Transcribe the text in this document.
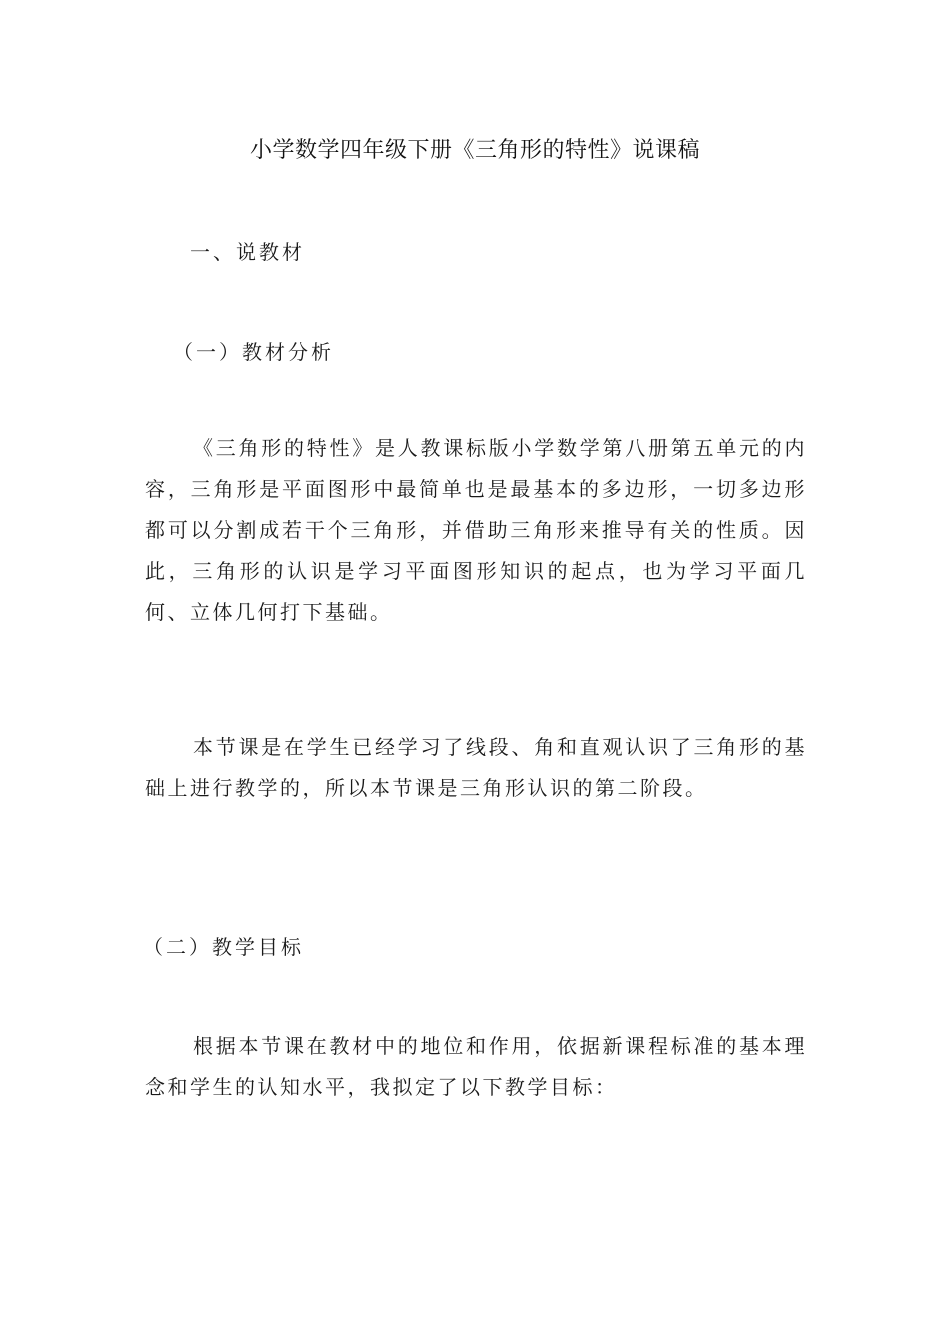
小学数学四年级下册《三角形的特性》说课稿
一、说教材
（一）教材分析

《三角形的特性》是人教课标版小学数学第八册第五单元的内容，三角形是平面图形中最简单也是最基本的多边形，一切多边形都可以分割成若干个三角形，并借助三角形来推导有关的性质。因此，三角形的认识是学习平面图形知识的起点，也为学习平面几何、立体几何打下基础。

本节课是在学生已经学习了线段、角和直观认识了三角形的基础上进行教学的，所以本节课是三角形认识的第二阶段。

（二）教学目标

根据本节课在教材中的地位和作用，依据新课程标准的基本理念和学生的认知水平，我拟定了以下教学目标：
